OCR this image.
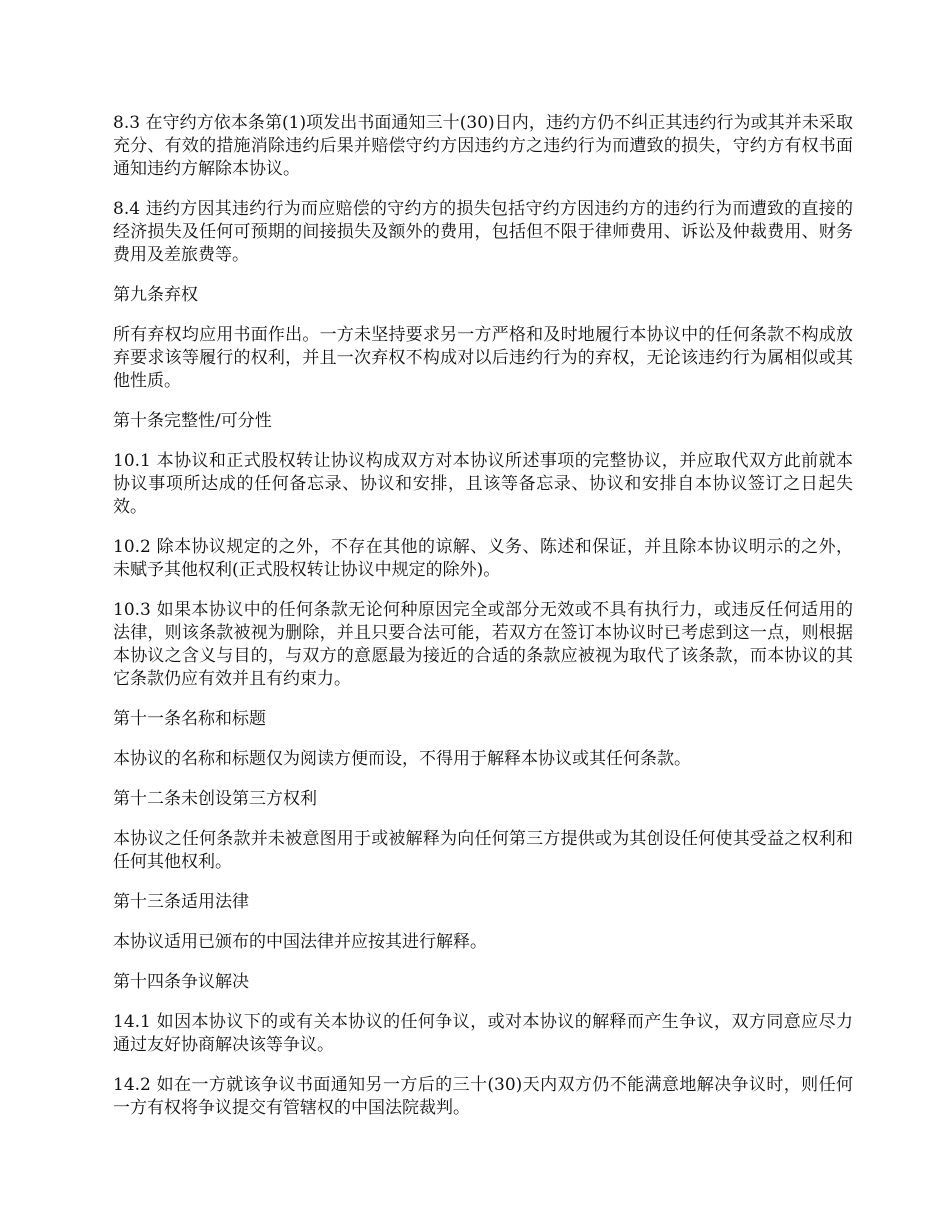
8.3 在守约方依本条第(1)项发出书面通知三十(30)日内，违约方仍不纠正其违约行为或其并未采取充分、有效的措施消除违约后果并赔偿守约方因违约方之违约行为而遭致的损失，守约方有权书面通知违约方解除本协议。

8.4 违约方因其违约行为而应赔偿的守约方的损失包括守约方因违约方的违约行为而遭致的直接的经济损失及任何可预期的间接损失及额外的费用，包括但不限于律师费用、诉讼及仲裁费用、财务费用及差旅费等。

第九条弃权

所有弃权均应用书面作出。一方未坚持要求另一方严格和及时地履行本协议中的任何条款不构成放弃要求该等履行的权利，并且一次弃权不构成对以后违约行为的弃权，无论该违约行为属相似或其他性质。

第十条完整性/可分性

10.1 本协议和正式股权转让协议构成双方对本协议所述事项的完整协议，并应取代双方此前就本协议事项所达成的任何备忘录、协议和安排，且该等备忘录、协议和安排自本协议签订之日起失效。

10.2 除本协议规定的之外，不存在其他的谅解、义务、陈述和保证，并且除本协议明示的之外，未赋予其他权利(正式股权转让协议中规定的除外)。

10.3 如果本协议中的任何条款无论何种原因完全或部分无效或不具有执行力，或违反任何适用的法律，则该条款被视为删除，并且只要合法可能，若双方在签订本协议时已考虑到这一点，则根据本协议之含义与目的，与双方的意愿最为接近的合适的条款应被视为取代了该条款，而本协议的其它条款仍应有效并且有约束力。

第十一条名称和标题

本协议的名称和标题仅为阅读方便而设，不得用于解释本协议或其任何条款。

第十二条未创设第三方权利

本协议之任何条款并未被意图用于或被解释为向任何第三方提供或为其创设任何使其受益之权利和任何其他权利。

第十三条适用法律

本协议适用已颁布的中国法律并应按其进行解释。

第十四条争议解决

14.1 如因本协议下的或有关本协议的任何争议，或对本协议的解释而产生争议，双方同意应尽力通过友好协商解决该等争议。

14.2 如在一方就该争议书面通知另一方后的三十(30)天内双方仍不能满意地解决争议时，则任何一方有权将争议提交有管辖权的中国法院裁判。
